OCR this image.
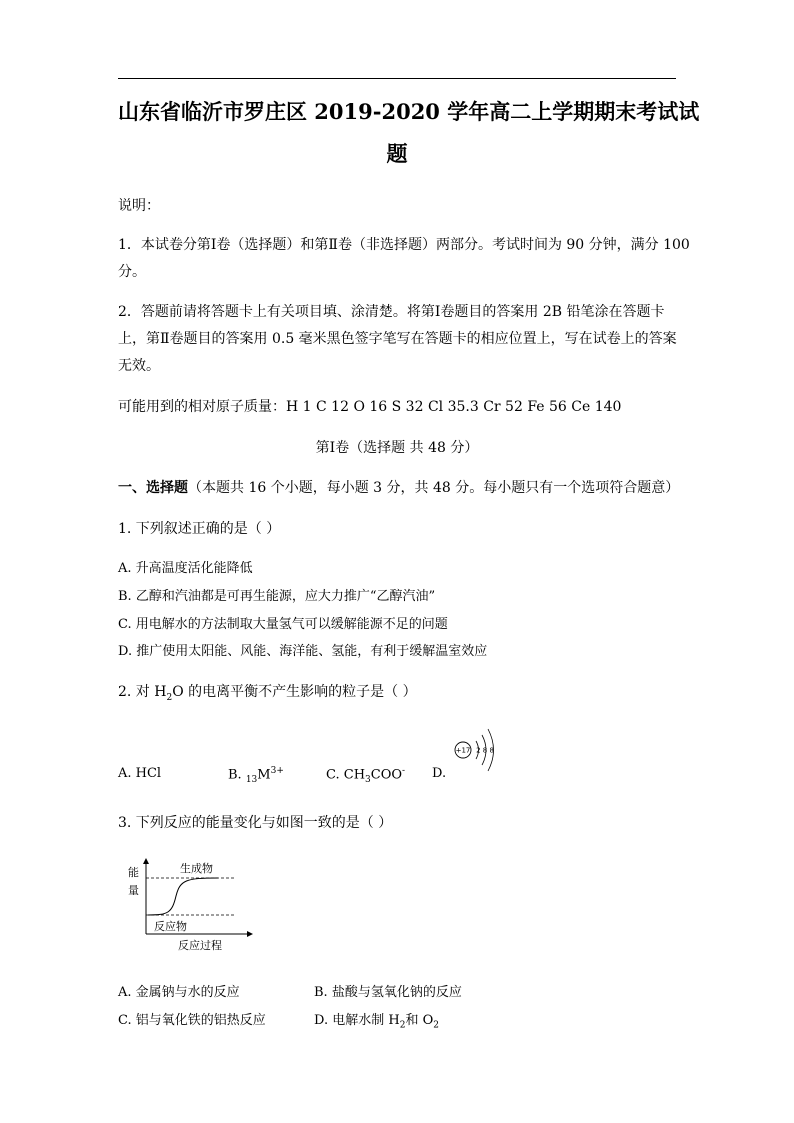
山东省临沂市罗庄区 2019-2020 学年高二上学期期末考试试
题
说明：
1．本试卷分第Ⅰ卷（选择题）和第Ⅱ卷（非选择题）两部分。考试时间为 90 分钟，满分 100
分。
2．答题前请将答题卡上有关项目填、涂清楚。将第Ⅰ卷题目的答案用 2B 铅笔涂在答题卡
上，第Ⅱ卷题目的答案用 0.5 毫米黑色签字笔写在答题卡的相应位置上，写在试卷上的答案
无效。
可能用到的相对原子质量：H 1 C 12 O 16 S 32 Cl 35.3 Cr 52 Fe 56 Ce 140
第Ⅰ卷（选择题 共 48 分）
一、选择题（本题共 16 个小题，每小题 3 分，共 48 分。每小题只有一个选项符合题意）
1. 下列叙述正确的是（ ）
A. 升高温度活化能降低
B. 乙醇和汽油都是可再生能源，应大力推广“乙醇汽油”
C. 用电解水的方法制取大量氢气可以缓解能源不足的问题
D. 推广使用太阳能、风能、海洋能、氢能，有利于缓解温室效应
2. 对 $H_2O$ 的电离平衡不产生影响的粒子是（ ）
A. HCl	B. $_{13}M^{3+}$	C. $CH_3COO^-$ D.
+17 2 8 8
3. 下列反应的能量变化与如图一致的是（ ）
生成物
反应物
反应过程
能
量
A. 金属钠与水的反应	B. 盐酸与氢氧化钠的反应
C. 铝与氧化铁的铝热反应	D. 电解水制 $H_2$和 $O_2$
